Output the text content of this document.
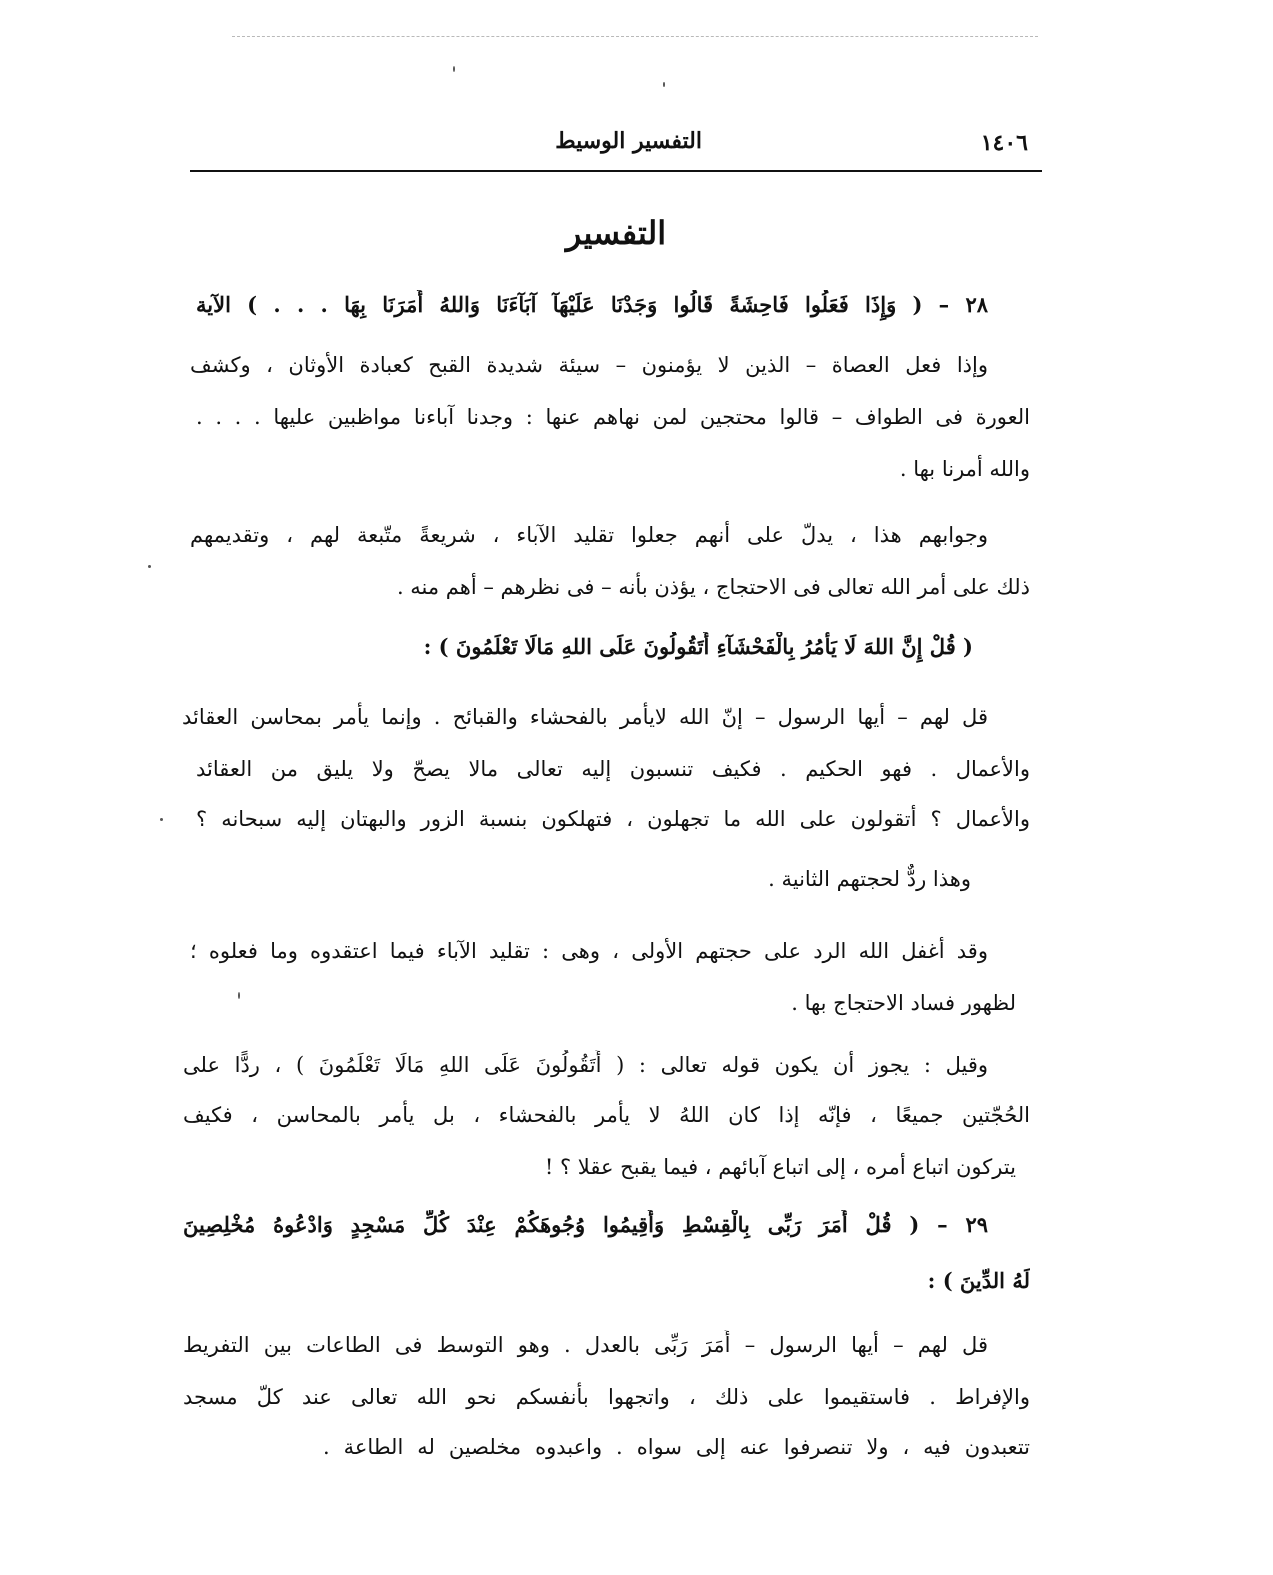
١٤٠٦
التفسير الوسيط
التفسير
٢٨ – ( وَإِذَا فَعَلُوا فَاحِشَةً قَالُوا وَجَدْنَا عَلَيْهَآ آبَآءَنَا وَاللهُ أَمَرَنَا بِهَا . . . ) الآية
وإذا فعل العصاة – الذين لا يؤمنون – سيئة شديدة القبح كعبادة الأوثان ، وكشف
العورة فى الطواف – قالوا محتجين لمن نهاهم عنها : وجدنا آباءنا مواظبين عليها . . . .
والله أمرنا بها .
وجوابهم هذا ، يدلّ على أنهم جعلوا تقليد الآباء ، شريعةً متّبعة لهم ، وتقديمهم
ذلك على أمر الله تعالى فى الاحتجاج ، يؤذن بأنه – فى نظرهم – أهم منه .
( قُلْ إِنَّ اللهَ لَا يَأْمُرُ بِالْفَحْشَآءِ أَتَقُولُونَ عَلَى اللهِ مَالَا تَعْلَمُونَ ) :
قل لهم – أيها الرسول – إنّ الله لايأمر بالفحشاء والقبائح . وإنما يأمر بمحاسن العقائد
والأعمال . فهو الحكيم . فكيف تنسبون إليه تعالى مالا يصحّ ولا يليق من العقائد
والأعمال ؟ أتقولون على الله ما تجهلون ، فتهلكون بنسبة الزور والبهتان إليه سبحانه ؟
وهذا ردٌّ لحجتهم الثانية .
وقد أغفل الله الرد على حجتهم الأولى ، وهى : تقليد الآباء فيما اعتقدوه وما فعلوه ؛
لظهور فساد الاحتجاج بها .
وقيل : يجوز أن يكون قوله تعالى : ( أَتَقُولُونَ عَلَى اللهِ مَالَا تَعْلَمُونَ ) ، ردًّا على
الحُجّتين جميعًا ، فإنّه إذا كان اللهُ لا يأمر بالفحشاء ، بل يأمر بالمحاسن ، فكيف
يتركون اتباع أمره ، إلى اتباع آبائهم ، فيما يقبح عقلا ؟ !
٢٩ – ( قُلْ أَمَرَ رَبِّى بِالْقِسْطِ وَأَقِيمُوا وُجُوهَكُمْ عِنْدَ كُلِّ مَسْجِدٍ وَادْعُوهُ مُخْلِصِينَ
لَهُ الدِّينَ ) :
قل لهم – أيها الرسول – أَمَرَ رَبِّى بالعدل . وهو التوسط فى الطاعات بين التفريط
والإفراط . فاستقيموا على ذلك ، واتجهوا بأنفسكم نحو الله تعالى عند كلّ مسجد
تتعبدون فيه ، ولا تنصرفوا عنه إلى سواه . واعبدوه مخلصين له الطاعة .
